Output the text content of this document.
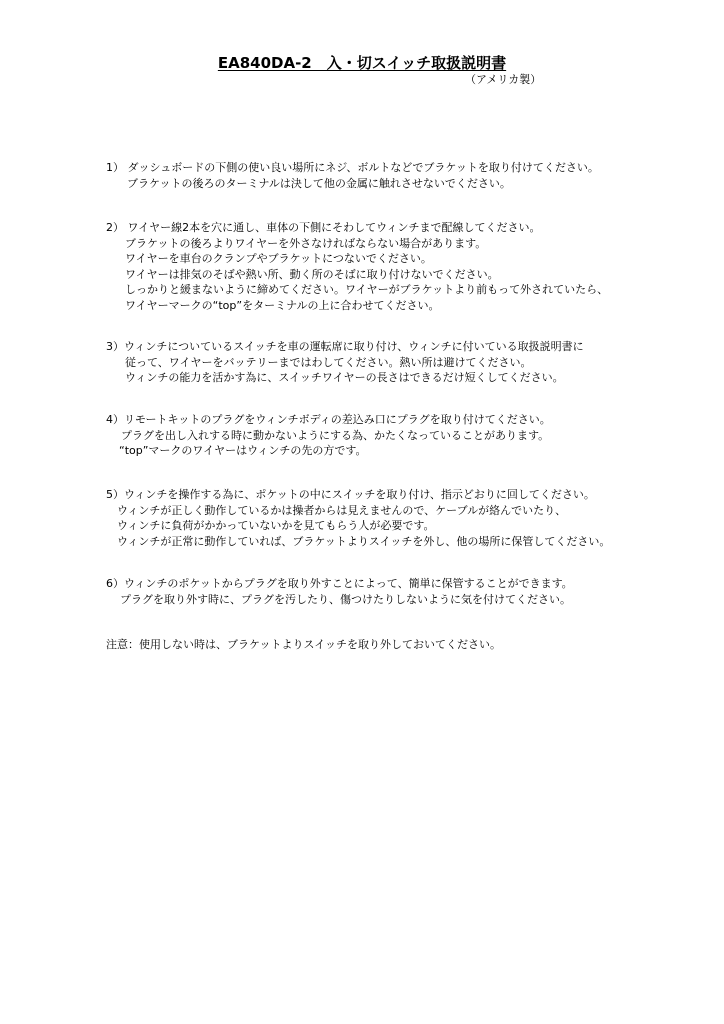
EA840DA-2　入・切スイッチ取扱説明書
（アメリカ製）
1） ダッシュボードの下側の使い良い場所にネジ、ボルトなどでブラケットを取り付けてください。
ブラケットの後ろのターミナルは決して他の金属に触れさせないでください。
2） ワイヤー線2本を穴に通し、車体の下側にそわしてウィンチまで配線してください。
ブラケットの後ろよりワイヤーを外さなければならない場合があります。
ワイヤーを車台のクランプやブラケットにつないでください。
ワイヤーは排気のそばや熱い所、動く所のそばに取り付けないでください。
しっかりと緩まないように締めてください。ワイヤーがブラケットより前もって外されていたら、
ワイヤーマークの“top”をターミナルの上に合わせてください。
3）ウィンチについているスイッチを車の運転席に取り付け、ウィンチに付いている取扱説明書に
従って、ワイヤーをバッテリーまではわしてください。熱い所は避けてください。
ウィンチの能力を活かす為に、スイッチワイヤーの長さはできるだけ短くしてください。
4）リモートキットのプラグをウィンチボディの差込み口にプラグを取り付けてください。
プラグを出し入れする時に動かないようにする為、かたくなっていることがあります。
“top”マークのワイヤーはウィンチの先の方です。
5）ウィンチを操作する為に、ポケットの中にスイッチを取り付け、指示どおりに回してください。
ウィンチが正しく動作しているかは操者からは見えませんので、ケーブルが絡んでいたり、
ウィンチに負荷がかかっていないかを見てもらう人が必要です。
ウィンチが正常に動作していれば、ブラケットよりスイッチを外し、他の場所に保管してください。
6）ウィンチのポケットからプラグを取り外すことによって、簡単に保管することができます。
プラグを取り外す時に、プラグを汚したり、傷つけたりしないように気を付けてください。
注意：使用しない時は、ブラケットよりスイッチを取り外しておいてください。
